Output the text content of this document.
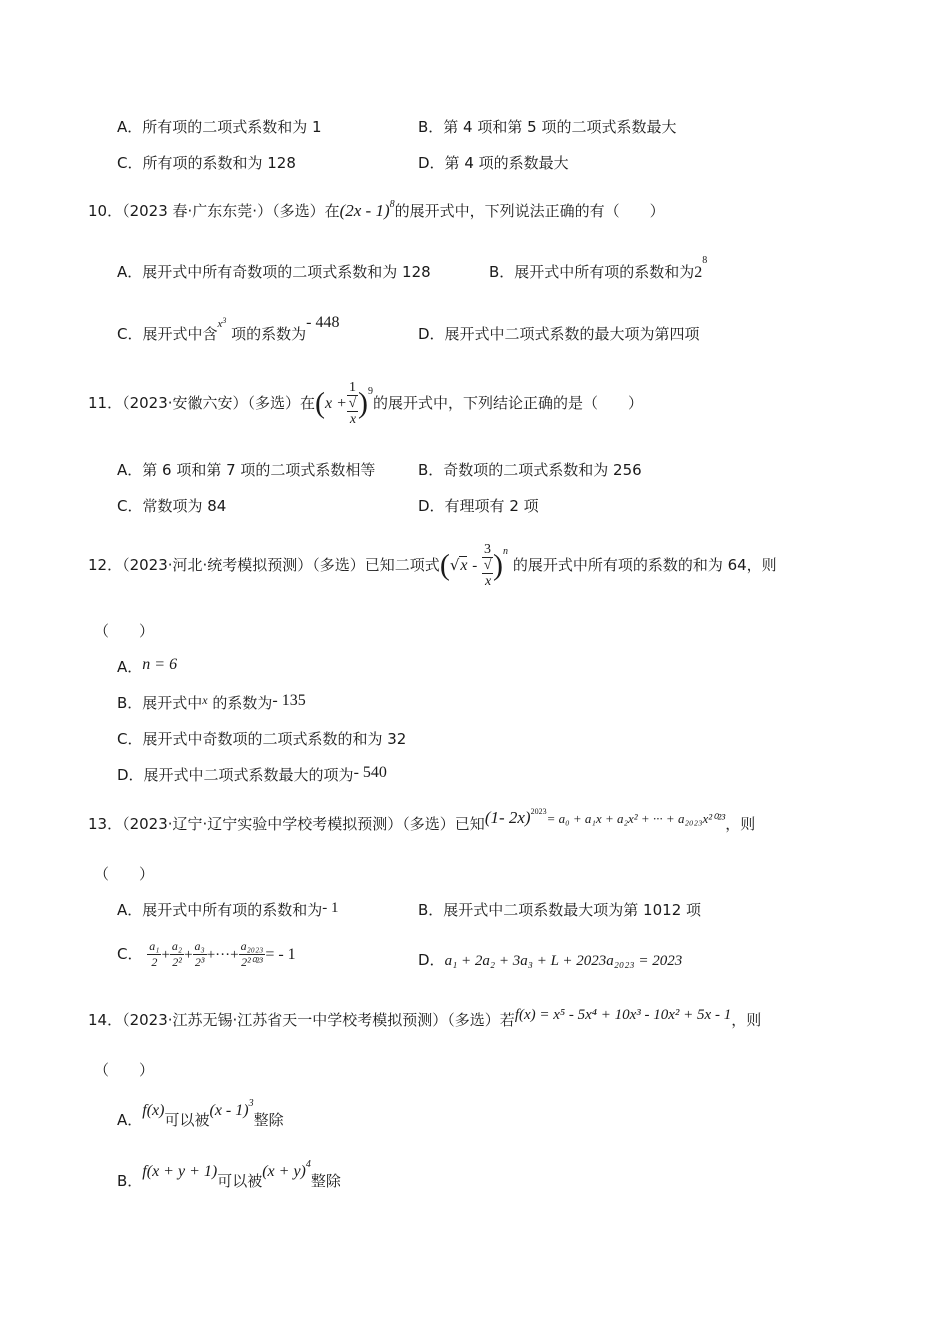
A．所有项的二项式系数和为 1	B．第 4 项和第 5 项的二项式系数最大
C．所有项的系数和为 128	D．第 4 项的系数最大
10．（2023 春·广东东莞·）（多选）在(2x - 1)$^8$的展开式中，下列说法正确的有（　　）
A．展开式中所有奇数项的二项式系数和为 128	B．展开式中所有项的系数和为$2^8$
C．展开式中含$^{x^3}$ 项的系数为- 448
D．展开式中二项式系数的最大项为第四项
11．（2023·安徽六安）（多选）在(x + 1
√
x )$^9$的展开式中，下列结论正确的是（　　）
A．第 6 项和第 7 项的二项式系数相等	B．奇数项的二项式系数和为 256
C．常数项为 84	D．有理项有 2 项
12．（2023·河北·统考模拟预测）（多选）已知二项式(√x - 3
√
x )$^n$ 的展开式中所有项的系数的和为 64，则
（　　）
A．n = 6
B．展开式中$^x$ 的系数为- 135
C．展开式中奇数项的二项式系数的和为 32
D．展开式中二项式系数最大的项为- 540
13．（2023·辽宁·辽宁实验中学校考模拟预测）（多选）已知(1- 2x)$^{2023}$= a₀ + a₁x + a₂x² + ··· + a₂₀₂₃x²⁰²³，则
（　　）
A．展开式中所有项的系数和为- 1	B．展开式中二项系数最大项为第 1012 项
C． $\frac{\text{a₁}}{2} + \frac{\text{a₂}}{\text{2²}} + \frac{\text{a₃}}{\text{2³}}$ +···+ $\frac{\text{a₂₀₂₃}}{\text{2²⁰²³}}$ = - 1	D．a₁ + 2a₂ + 3a₃ + L + 2023a₂₀₂₃ = 2023
14．（2023·江苏无锡·江苏省天一中学校考模拟预测）（多选）若f(x) = x⁵ - 5x⁴ + 10x³ - 10x² + 5x - 1，则
（　　）
A．f(x)可以被(x - 1)$^3$整除
B．f(x + y + 1)可以被$(x + y)^4$整除
